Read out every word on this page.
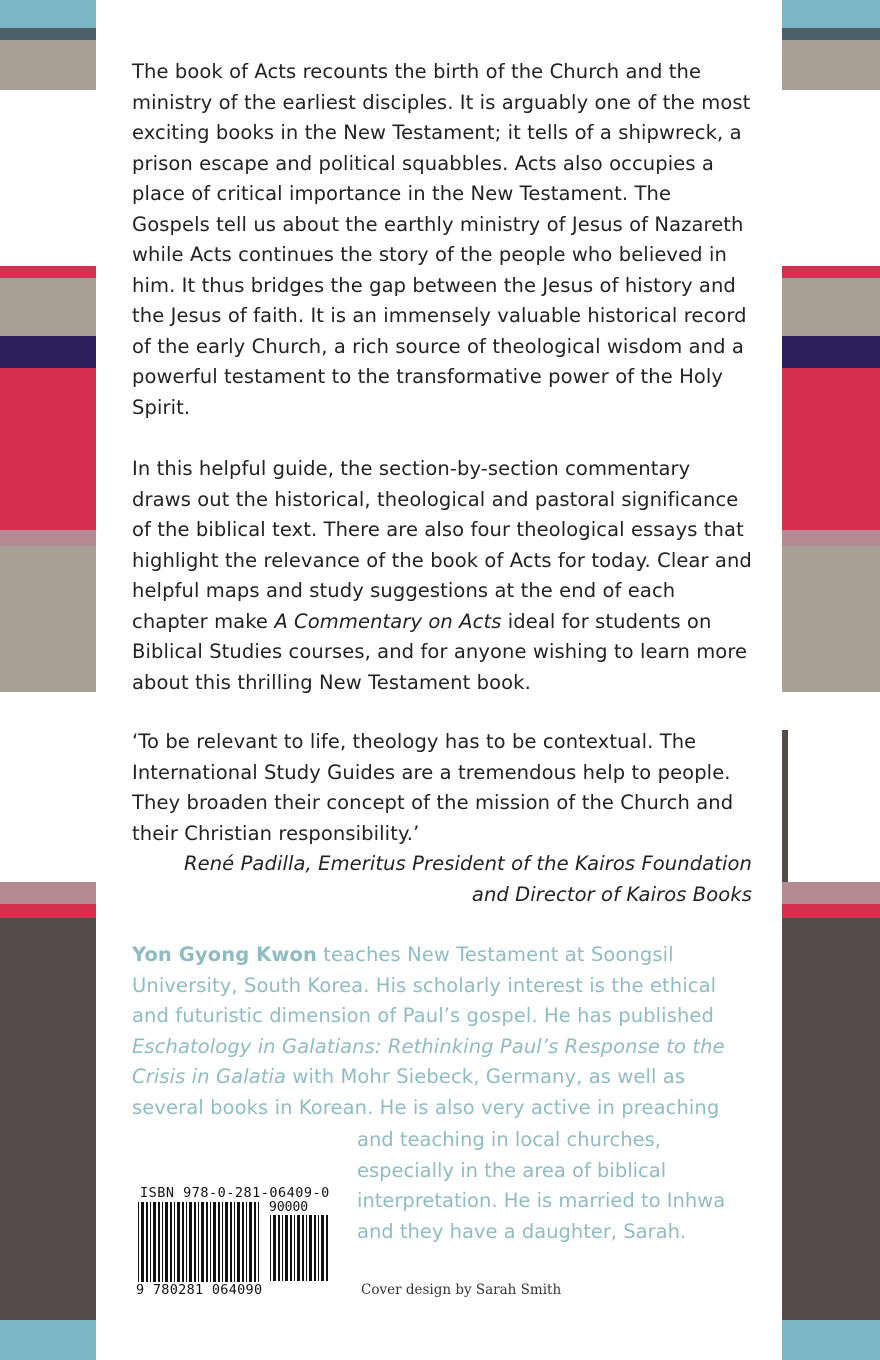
The book of Acts recounts the birth of the Church and the ministry of the earliest disciples. It is arguably one of the most exciting books in the New Testament; it tells of a shipwreck, a prison escape and political squabbles. Acts also occupies a place of critical importance in the New Testament. The Gospels tell us about the earthly ministry of Jesus of Nazareth while Acts continues the story of the people who believed in him. It thus bridges the gap between the Jesus of history and the Jesus of faith. It is an immensely valuable historical record of the early Church, a rich source of theological wisdom and a powerful testament to the transformative power of the Holy Spirit.

In this helpful guide, the section-by-section commentary draws out the historical, theological and pastoral significance of the biblical text. There are also four theological essays that highlight the relevance of the book of Acts for today. Clear and helpful maps and study suggestions at the end of each chapter make A Commentary on Acts ideal for students on Biblical Studies courses, and for anyone wishing to learn more about this thrilling New Testament book.

‘To be relevant to life, theology has to be contextual. The International Study Guides are a tremendous help to people. They broaden their concept of the mission of the Church and their Christian responsibility.’

René Padilla, Emeritus President of the Kairos Foundation

and Director of Kairos Books

Yon Gyong Kwon teaches New Testament at Soongsil University, South Korea. His scholarly interest is the ethical and futuristic dimension of Paul’s gospel. He has published Eschatology in Galatians: Rethinking Paul’s Response to the Crisis in Galatia with Mohr Siebeck, Germany, as well as several books in Korean. He is also very active in preaching

and teaching in local churches, especially in the area of biblical interpretation. He is married to Inhwa and they have a daughter, Sarah.
ISBN 978-0-281-06409-0
90000
9 780281 064090	Cover design by Sarah Smith
